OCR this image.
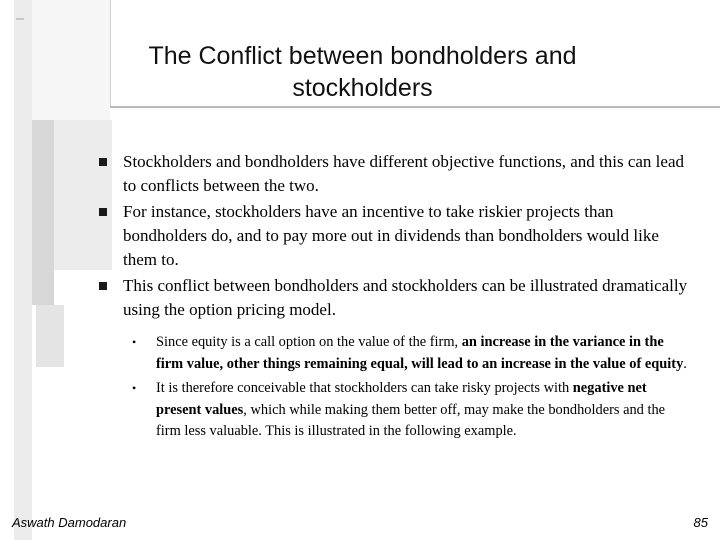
The Conflict between bondholders and
stockholders
Stockholders and bondholders have different objective functions, and this can lead to conflicts between the two.
For instance, stockholders have an incentive to take riskier projects than bondholders do, and to pay more out in dividends than bondholders would like them to.
This conflict between bondholders and stockholders can be illustrated dramatically using the option pricing model.
• Since equity is a call option on the value of the firm, an increase in the variance in the firm value, other things remaining equal, will lead to an increase in the value of equity.
• It is therefore conceivable that stockholders can take risky projects with negative net present values, which while making them better off, may make the bondholders and the firm less valuable. This is illustrated in the following example.
Aswath Damodaran	85
